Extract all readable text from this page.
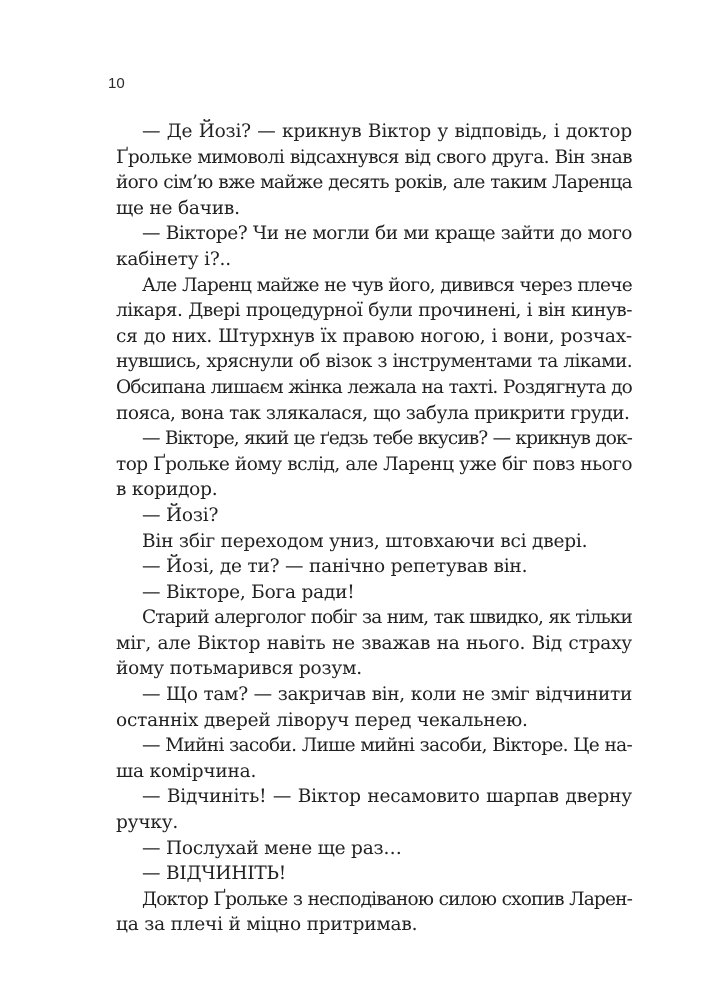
10
— Де Йозі? — крикнув Віктор у відповідь, і доктор
Ґрольке мимоволі відсахнувся від свого друга. Він знав
його сім’ю вже майже десять років, але таким Ларенца
ще не бачив.
— Вікторе? Чи не могли би ми краще зайти до мого
кабінету і?..
Але Ларенц майже не чув його, дивився через плече
лікаря. Двері процедурної були прочинені, і він кинув-
ся до них. Штурхнув їх правою ногою, і вони, розчах-
нувшись, хряснули об візок з інструментами та ліками.
Обсипана лишаєм жінка лежала на тахті. Роздягнута до
пояса, вона так злякалася, що забула прикрити груди.
— Вікторе, який це ґедзь тебе вкусив? — крикнув док-
тор Ґрольке йому вслід, але Ларенц уже біг повз нього
в коридор.
— Йозі?
Він збіг переходом униз, штовхаючи всі двері.
— Йозі, де ти? — панічно репетував він.
— Вікторе, Бога ради!
Старий алерголог побіг за ним, так швидко, як тільки
міг, але Віктор навіть не зважав на нього. Від страху
йому потьмарився розум.
— Що там? — закричав він, коли не зміг відчинити
останніх дверей ліворуч перед чекальнею.
— Мийні засоби. Лише мийні засоби, Вікторе. Це на-
ша комірчина.
— Відчиніть! — Віктор несамовито шарпав дверну
ручку.
— Послухай мене ще раз…
— ВІДЧИНІТЬ!
Доктор Ґрольке з несподіваною силою схопив Ларен-
ца за плечі й міцно притримав.
